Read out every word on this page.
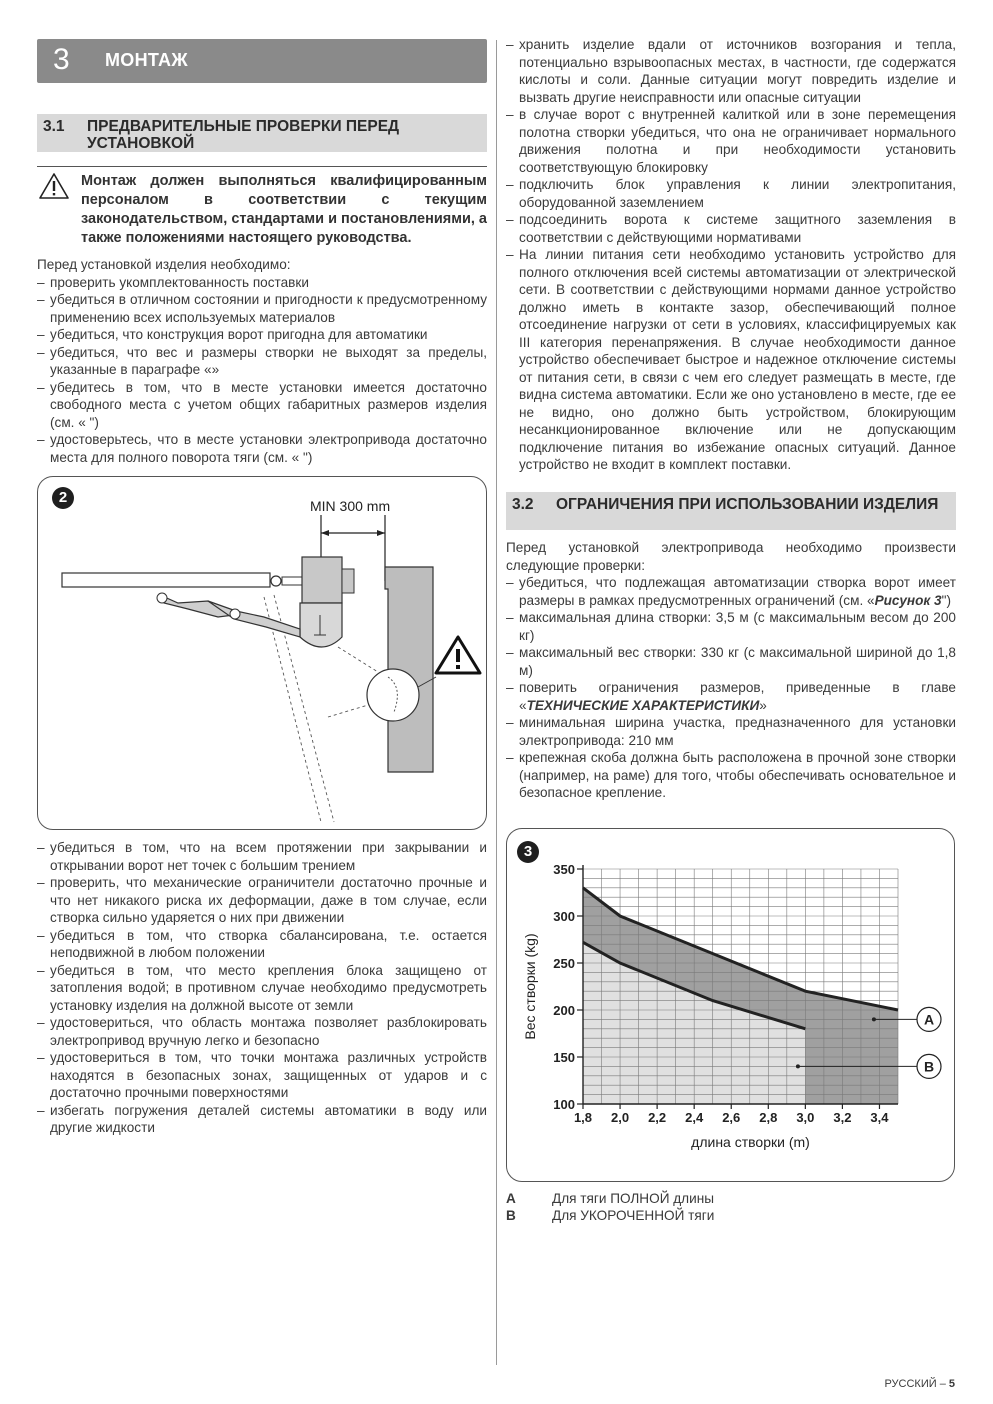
3 МОНТАЖ
3.1 ПРЕДВАРИТЕЛЬНЫЕ ПРОВЕРКИ ПЕРЕД УСТАНОВКОЙ
Монтаж должен выполняться квалифицированным персоналом в соответствии с текущим законодательством, стандартами и постановлениями, а также положениями настоящего руководства.

Перед установкой изделия необходимо:

– проверить укомплектованность поставки
– убедиться в отличном состоянии и пригодности к предусмотренному применению всех используемых материалов
– убедиться, что конструкция ворот пригодна для автоматики
– убедиться, что вес и размеры створки не выходят за пределы, указанные в параграфе «»
– убедитесь в том, что в месте установки имеется достаточно свободного места с учетом общих габаритных размеров изделия (см. « ")
– удостоверьтесь, что в месте установки электропривода достаточно места для полного поворота тяги (см. « ")
2	MIN 300 mm
– убедиться в том, что на всем протяжении при закрывании и открывании ворот нет точек с большим трением
– проверить, что механические ограничители достаточно прочные и что нет никакого риска их деформации, даже в том случае, если створка сильно ударяется о них при движении
– убедиться в том, что створка сбалансирована, т.е. остается неподвижной в любом положении
– убедиться в том, что место крепления блока защищено от затопления водой; в противном случае необходимо предусмотреть установку изделия на должной высоте от земли
– удостовериться, что область монтажа позволяет разблокировать электропривод вручную легко и безопасно
– удостовериться в том, что точки монтажа различных устройств находятся в безопасных зонах, защищенных от ударов и с достаточно прочными поверхностями
– избегать погружения деталей системы автоматики в воду или другие жидкости
– хранить изделие вдали от источников возгорания и тепла, потенциально взрывоопасных местах, в частности, где содержатся кислоты и соли. Данные ситуации могут повредить изделие и вызвать другие неисправности или опасные ситуации
– в случае ворот с внутренней калиткой или в зоне перемещения полотна створки убедиться, что она не ограничивает нормального движения полотна и при необходимости установить соответствующую блокировку
– подключить блок управления к линии электропитания, оборудованной заземлением
– подсоединить ворота к системе защитного заземления в соответствии с действующими нормативами
– На линии питания сети необходимо установить устройство для полного отключения всей системы автоматизации от электрической сети. В соответствии с действующими нормами данное устройство должно иметь в контакте зазор, обеспечивающий полное отсоединение нагрузки от сети в условиях, классифицируемых как III категория перенапряжения. В случае необходимости данное устройство обеспечивает быстрое и надежное отключение системы от питания сети, в связи с чем его следует размещать в месте, где видна система автоматики. Если же оно установлено в месте, где ее не видно, оно должно быть устройством, блокирующим несанкционированное включение или не допускающим подключение питания во избежание опасных ситуаций. Данное устройство не входит в комплект поставки.
3.2 ОГРАНИЧЕНИЯ ПРИ ИСПОЛЬЗОВАНИИ ИЗДЕЛИЯ

Перед установкой электропривода необходимо произвести следующие проверки:

– убедиться, что подлежащая автоматизации створка ворот имеет размеры в рамках предусмотренных ограничений (см. «Рисунок 3")
– максимальная длина створки: 3,5 м (с максимальным весом до 200 кг)
– максимальный вес створки: 330 кг (с максимальной шириной до 1,8 м)
– поверить ограничения размеров, приведенные в главе «ТЕХНИЧЕСКИЕ ХАРАКТЕРИСТИКИ»
– минимальная ширина участка, предназначенного для установки электропривода: 210 мм
– крепежная скоба должна быть расположена в прочной зоне створки (например, на раме) для того, чтобы обеспечивать основательное и безопасное крепление.
3
100
150
200
250
300
350
1,8 2,0 2,2 2,4 2,6 2,8 3,0 3,2 3,4
длина створки (m)
Вес створки (kg)	A
B
A	Для тяги ПОЛНОЙ длины
B	Для УКОРОЧЕННОЙ тяги
РУССКИЙ – 5
